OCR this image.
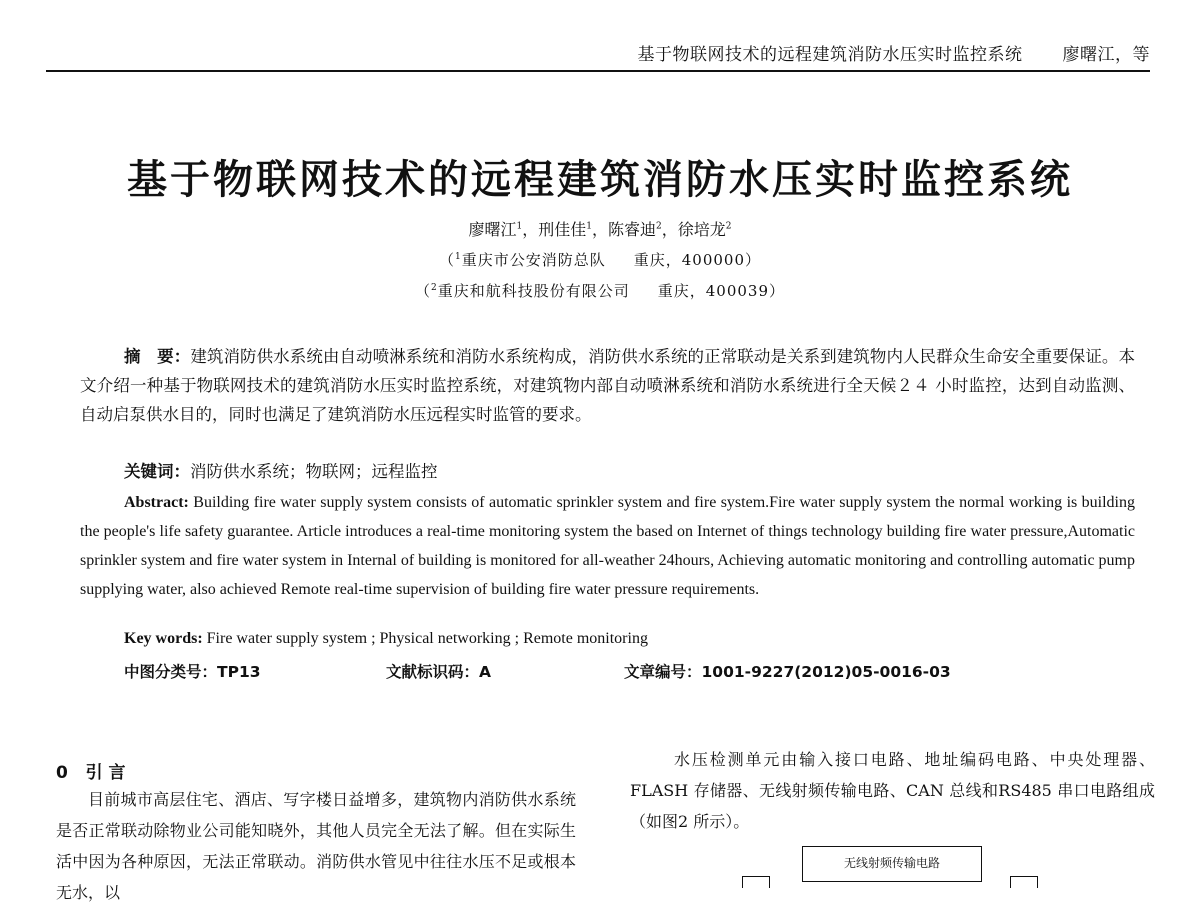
基于物联网技术的远程建筑消防水压实时监控系统 廖曙江，等
基于物联网技术的远程建筑消防水压实时监控系统
廖曙江$^1$，刑佳佳$^1$，陈睿迪$^2$，徐培龙$^2$
（$^1$重庆市公安消防总队 重庆，400000）
（$^2$重庆和航科技股份有限公司 重庆，400039）
摘　要：建筑消防供水系统由自动喷淋系统和消防水系统构成，消防供水系统的正常联动是关系到建筑物内人民群众生命安全重要保证。本文介绍一种基于物联网技术的建筑消防水压实时监控系统，对建筑物内部自动喷淋系统和消防水系统进行全天候２４ 小时监控，达到自动监测、自动启泵供水目的，同时也满足了建筑消防水压远程实时监管的要求。
关键词：消防供水系统；物联网；远程监控
Abstract: Building fire water supply system consists of automatic sprinkler system and fire system.Fire water supply system the normal working is building the people's life safety guarantee. Article introduces a real-time monitoring system the based on Internet of things technology building fire water pressure,Automatic sprinkler system and fire water system in Internal of building is monitored for all-weather 24hours, Achieving automatic monitoring and controlling automatic pump supplying water, also achieved Remote real-time supervision of building fire water pressure requirements.
Key words: Fire water supply system ; Physical networking ; Remote monitoring
中图分类号：TP13	文献标识码：A	文章编号：1001-9227(2012)05-0016-03
0 引 言
目前城市高层住宅、酒店、写字楼日益增多，建筑物内消防供水系统是否正常联动除物业公司能知晓外，其他人员完全无法了解。但在实际生活中因为各种原因，无法正常联动。消防供水管见中往往水压不足或根本无水，以
水压检测单元由输入接口电路、地址编码电路、中央处理器、FLASH 存储器、无线射频传输电路、CAN 总线和RS485 串口电路组成（如图2 所示）。
无线射频传输电路
